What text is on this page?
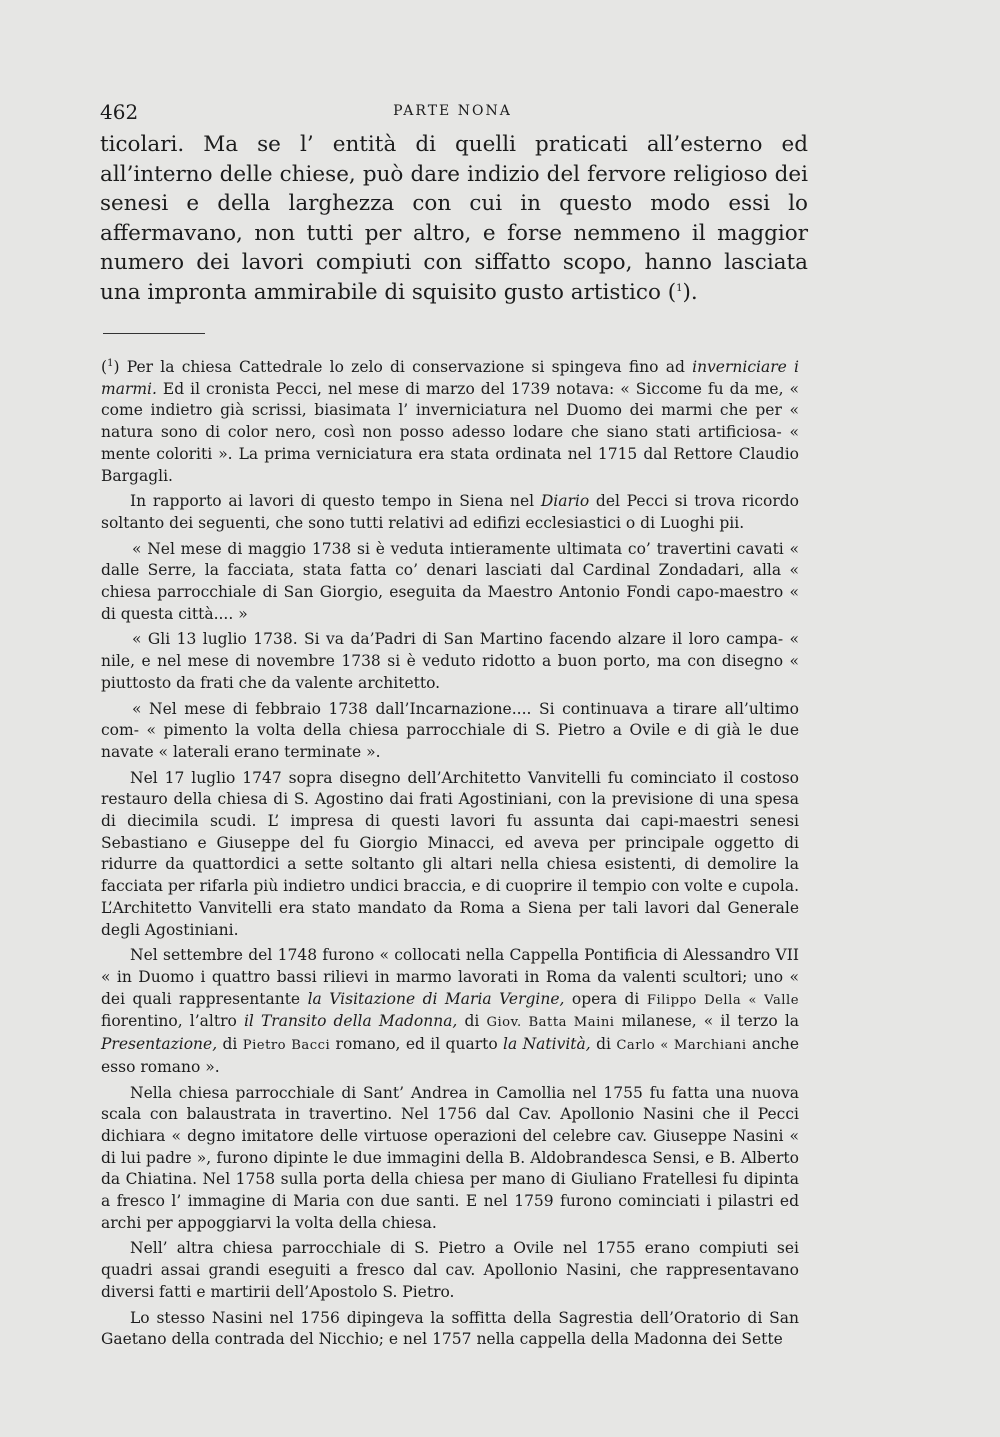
462	PARTE NONA

ticolari. Ma se l’ entità di quelli praticati all’esterno ed all’interno delle chiese, può dare indizio del fervore religioso dei senesi e della larghezza con cui in questo modo essi lo affermavano, non tutti per altro, e forse nemmeno il maggior numero dei lavori compiuti con siffatto scopo, hanno lasciata una impronta ammirabile di squisito gusto artistico ($^1$).

($^1$) Per la chiesa Cattedrale lo zelo di conservazione si spingeva fino ad inverniciare i marmi. Ed il cronista Pecci, nel mese di marzo del 1739 notava: « Siccome fu da me, « come indietro già scrissi, biasimata l’ inverniciatura nel Duomo dei marmi che per « natura sono di color nero, così non posso adesso lodare che siano stati artificiosa- « mente coloriti ». La prima verniciatura era stata ordinata nel 1715 dal Rettore Claudio Bargagli.

In rapporto ai lavori di questo tempo in Siena nel Diario del Pecci si trova ricordo soltanto dei seguenti, che sono tutti relativi ad edifizi ecclesiastici o di Luoghi pii.

« Nel mese di maggio 1738 si è veduta intieramente ultimata co’ travertini cavati « dalle Serre, la facciata, stata fatta co’ denari lasciati dal Cardinal Zondadari, alla « chiesa parrocchiale di San Giorgio, eseguita da Maestro Antonio Fondi capo-maestro « di questa città.... »

« Gli 13 luglio 1738. Si va da’Padri di San Martino facendo alzare il loro campa- « nile, e nel mese di novembre 1738 si è veduto ridotto a buon porto, ma con disegno « piuttosto da frati che da valente architetto.

« Nel mese di febbraio 1738 dall’Incarnazione.... Si continuava a tirare all’ultimo com- « pimento la volta della chiesa parrocchiale di S. Pietro a Ovile e di già le due navate « laterali erano terminate ».

Nel 17 luglio 1747 sopra disegno dell’Architetto Vanvitelli fu cominciato il costoso restauro della chiesa di S. Agostino dai frati Agostiniani, con la previsione di una spesa di diecimila scudi. L’ impresa di questi lavori fu assunta dai capi-maestri senesi Sebastiano e Giuseppe del fu Giorgio Minacci, ed aveva per principale oggetto di ridurre da quattordici a sette soltanto gli altari nella chiesa esistenti, di demolire la facciata per rifarla più indietro undici braccia, e di cuoprire il tempio con volte e cupola. L’Architetto Vanvitelli era stato mandato da Roma a Siena per tali lavori dal Generale degli Agostiniani.

Nel settembre del 1748 furono « collocati nella Cappella Pontificia di Alessandro VII « in Duomo i quattro bassi rilievi in marmo lavorati in Roma da valenti scultori; uno « dei quali rappresentante la Visitazione di Maria Vergine, opera di Filippo Della « Valle fiorentino, l’altro il Transito della Madonna, di Giov. Batta Maini milanese, « il terzo la Presentazione, di Pietro Bacci romano, ed il quarto la Natività, di Carlo « Marchiani anche esso romano ».

Nella chiesa parrocchiale di Sant’ Andrea in Camollia nel 1755 fu fatta una nuova scala con balaustrata in travertino. Nel 1756 dal Cav. Apollonio Nasini che il Pecci dichiara « degno imitatore delle virtuose operazioni del celebre cav. Giuseppe Nasini « di lui padre », furono dipinte le due immagini della B. Aldobrandesca Sensi, e B. Alberto da Chiatina. Nel 1758 sulla porta della chiesa per mano di Giuliano Fratellesi fu dipinta a fresco l’ immagine di Maria con due santi. E nel 1759 furono cominciati i pilastri ed archi per appoggiarvi la volta della chiesa.

Nell’ altra chiesa parrocchiale di S. Pietro a Ovile nel 1755 erano compiuti sei quadri assai grandi eseguiti a fresco dal cav. Apollonio Nasini, che rappresentavano diversi fatti e martirii dell’Apostolo S. Pietro.

Lo stesso Nasini nel 1756 dipingeva la soffitta della Sagrestia dell’Oratorio di San Gaetano della contrada del Nicchio; e nel 1757 nella cappella della Madonna dei Sette
